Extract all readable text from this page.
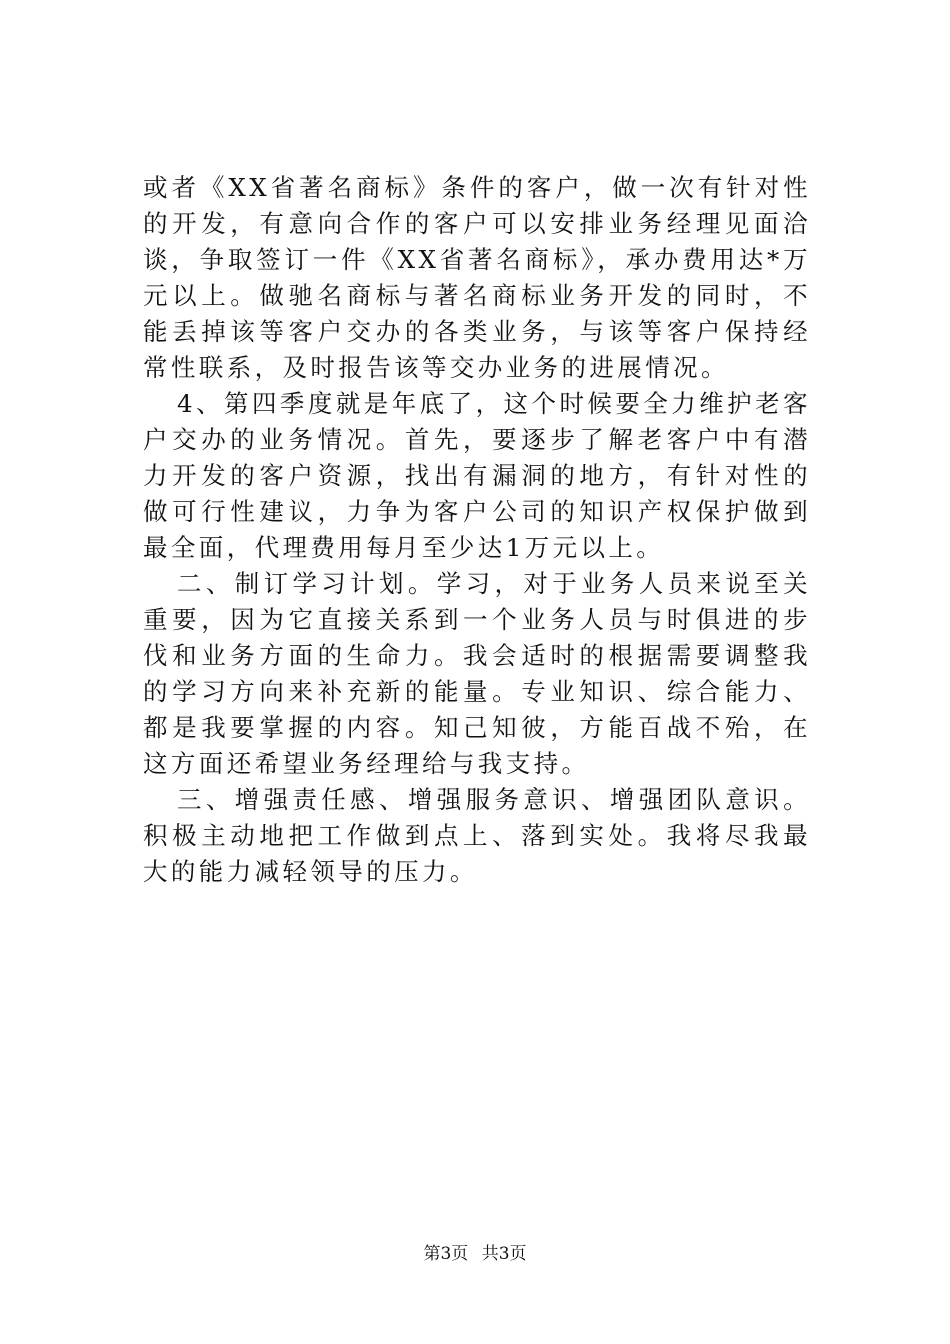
或者《XX省著名商标》条件的客户，做一次有针对性的开发，有意向合作的客户可以安排业务经理见面洽谈，争取签订一件《XX省著名商标》，承办费用达*万元以上。做驰名商标与著名商标业务开发的同时，不能丢掉该等客户交办的各类业务，与该等客户保持经常性联系，及时报告该等交办业务的进展情况。

4、第四季度就是年底了，这个时候要全力维护老客户交办的业务情况。首先，要逐步了解老客户中有潜力开发的客户资源，找出有漏洞的地方，有针对性的做可行性建议，力争为客户公司的知识产权保护做到最全面，代理费用每月至少达1万元以上。

二、制订学习计划。学习，对于业务人员来说至关重要，因为它直接关系到一个业务人员与时俱进的步伐和业务方面的生命力。我会适时的根据需要调整我的学习方向来补充新的能量。专业知识、综合能力、都是我要掌握的内容。知己知彼，方能百战不殆，在这方面还希望业务经理给与我支持。

三、增强责任感、增强服务意识、增强团队意识。积极主动地把工作做到点上、落到实处。我将尽我最大的能力减轻领导的压力。

第3页 共3页
